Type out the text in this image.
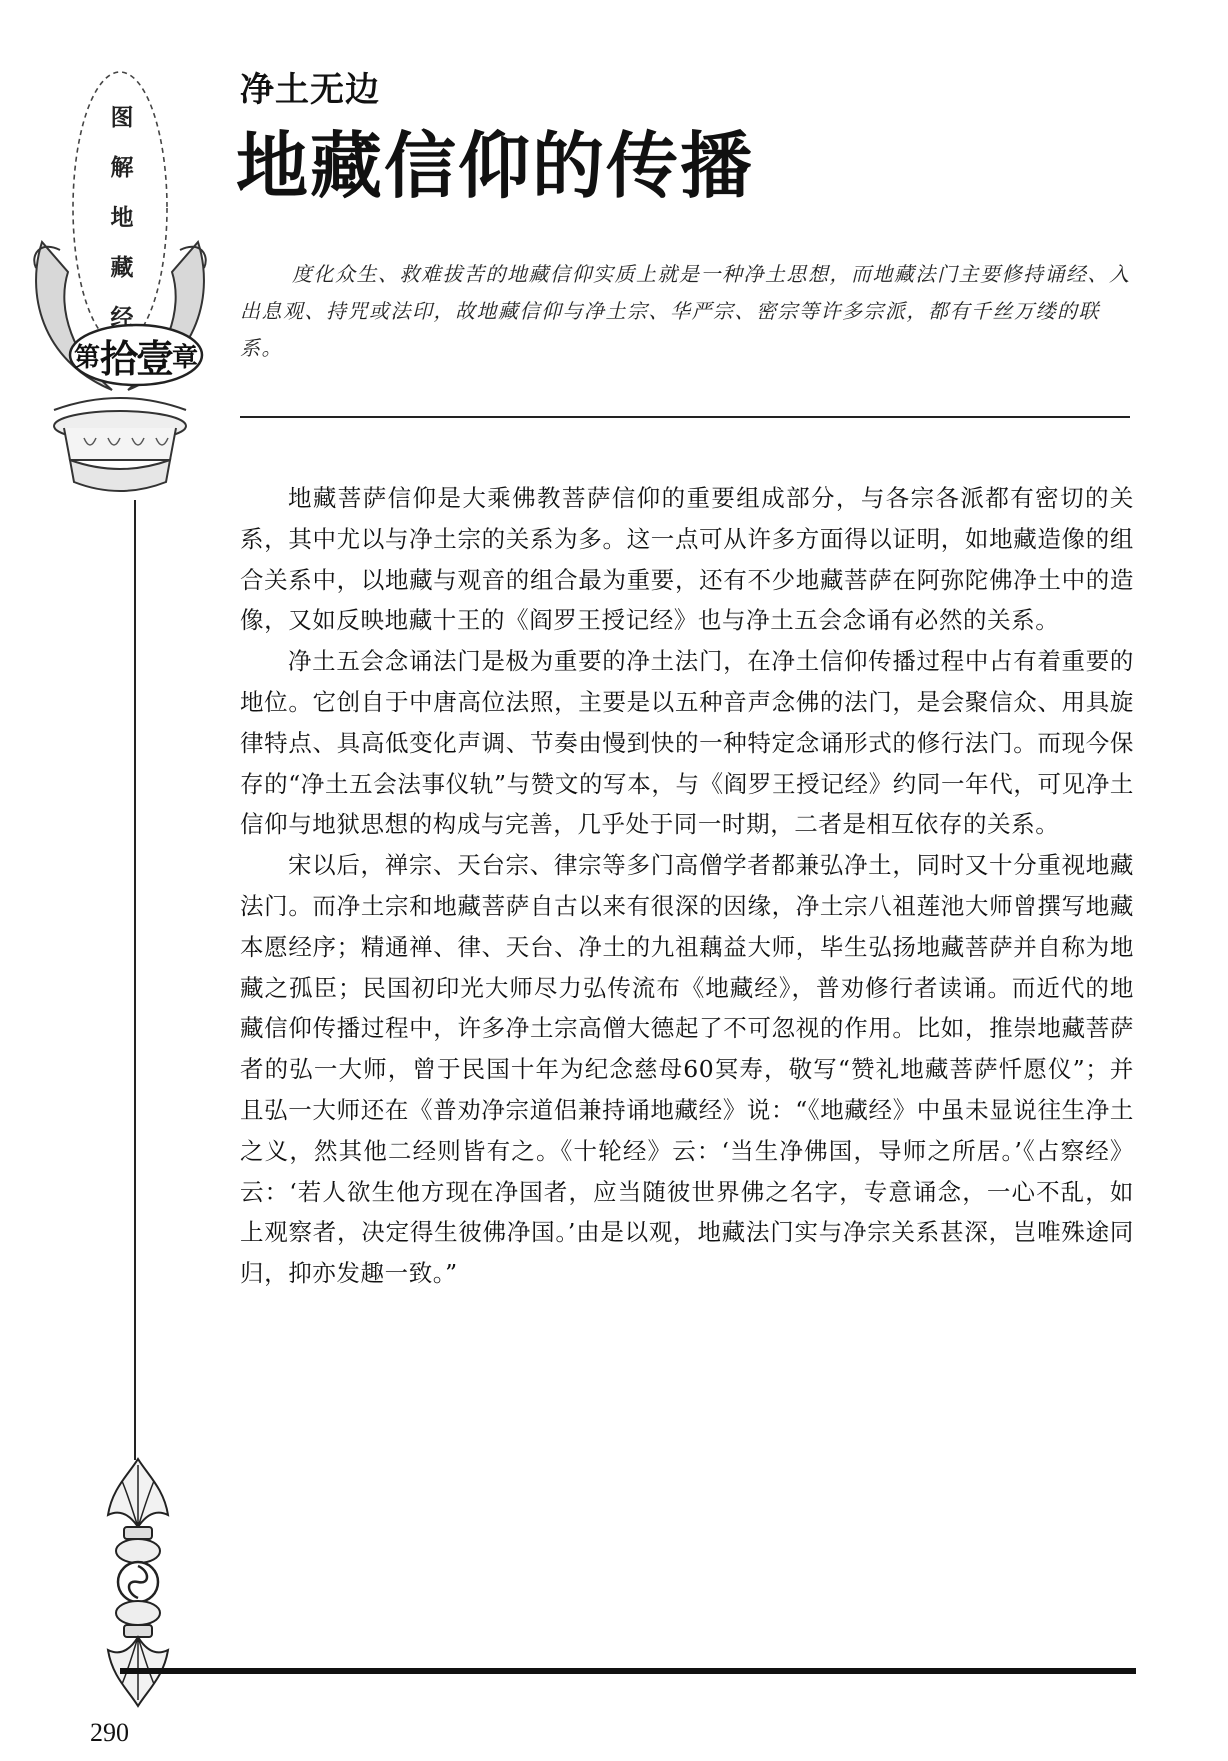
图
解
地
藏
经
第 拾壹 章
净土无边
地藏信仰的传播

度化众生、救难拔苦的地藏信仰实质上就是一种净土思想，而地藏法门主要修持诵经、入出息观、持咒或法印，故地藏信仰与净土宗、华严宗、密宗等许多宗派，都有千丝万缕的联系。

地藏菩萨信仰是大乘佛教菩萨信仰的重要组成部分，与各宗各派都有密切的关系，其中尤以与净土宗的关系为多。这一点可从许多方面得以证明，如地藏造像的组合关系中，以地藏与观音的组合最为重要，还有不少地藏菩萨在阿弥陀佛净土中的造像，又如反映地藏十王的《阎罗王授记经》也与净土五会念诵有必然的关系。

净土五会念诵法门是极为重要的净土法门，在净土信仰传播过程中占有着重要的地位。它创自于中唐高位法照，主要是以五种音声念佛的法门，是会聚信众、用具旋律特点、具高低变化声调、节奏由慢到快的一种特定念诵形式的修行法门。而现今保存的“净土五会法事仪轨”与赞文的写本，与《阎罗王授记经》约同一年代，可见净土信仰与地狱思想的构成与完善，几乎处于同一时期，二者是相互依存的关系。

宋以后，禅宗、天台宗、律宗等多门高僧学者都兼弘净土，同时又十分重视地藏法门。而净土宗和地藏菩萨自古以来有很深的因缘，净土宗八祖莲池大师曾撰写地藏本愿经序；精通禅、律、天台、净土的九祖藕益大师，毕生弘扬地藏菩萨并自称为地藏之孤臣；民国初印光大师尽力弘传流布《地藏经》，普劝修行者读诵。而近代的地藏信仰传播过程中，许多净土宗高僧大德起了不可忽视的作用。比如，推崇地藏菩萨者的弘一大师，曾于民国十年为纪念慈母60冥寿，敬写“赞礼地藏菩萨忏愿仪”；并且弘一大师还在《普劝净宗道侣兼持诵地藏经》说：“《地藏经》中虽未显说往生净土之义，然其他二经则皆有之。《十轮经》云：‘当生净佛国，导师之所居。’《占察经》云：‘若人欲生他方现在净国者，应当随彼世界佛之名字，专意诵念，一心不乱，如上观察者，决定得生彼佛净国。’由是以观，地藏法门实与净宗关系甚深，岂唯殊途同归，抑亦发趣一致。”

290
